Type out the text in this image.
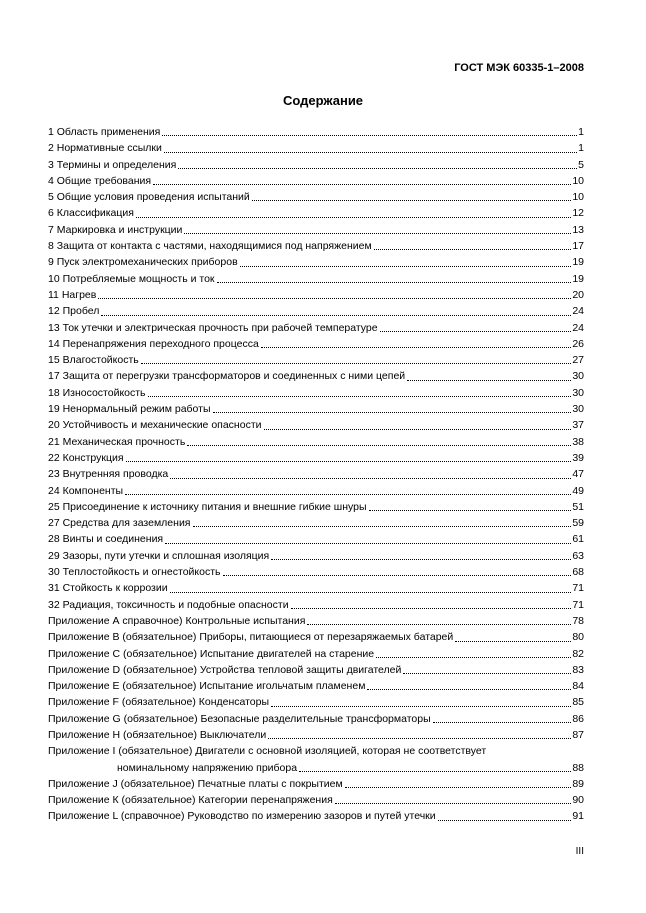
ГОСТ МЭК 60335-1–2008
Содержание
1 Область применения	1
2 Нормативные ссылки	1
3 Термины и определения	5
4 Общие требования	10
5 Общие условия проведения испытаний	10
6 Классификация	12
7 Маркировка и инструкции	13
8 Защита от контакта с частями, находящимися под напряжением	17
9 Пуск электромеханических приборов	19
10 Потребляемые мощность и ток	19
11 Нагрев	20
12 Пробел	24
13 Ток утечки и электрическая прочность при рабочей температуре	24
14 Перенапряжения переходного процесса	26
15 Влагостойкость	27
17 Защита от перегрузки трансформаторов и соединенных с ними цепей	30
18 Износостойкость	30
19 Ненормальный режим работы	30
20 Устойчивость и механические опасности	37
21 Механическая прочность	38
22 Конструкция	39
23 Внутренняя проводка	47
24 Компоненты	49
25 Присоединение к источнику питания и внешние гибкие шнуры	51
27 Средства для заземления	59
28 Винты и соединения	61
29 Зазоры, пути утечки и сплошная изоляция	63
30 Теплостойкость и огнестойкость	68
31 Стойкость к коррозии	71
32 Радиация, токсичность и подобные опасности	71
Приложение А справочное) Контрольные испытания	78
Приложение В (обязательное) Приборы, питающиеся от перезаряжаемых батарей	80
Приложение С (обязательное) Испытание двигателей на старение	82
Приложение D (обязательное) Устройства тепловой защиты двигателей	83
Приложение Е (обязательное) Испытание игольчатым пламенем	84
Приложение F (обязательное) Конденсаторы	85
Приложение G (обязательное) Безопасные разделительные трансформаторы	86
Приложение Н (обязательное) Выключатели	87
Приложение I (обязательное) Двигатели с основной изоляцией, которая не соответствует
номинальному напряжению прибора	88
Приложение J (обязательное) Печатные платы с покрытием	89
Приложение К (обязательное) Категории перенапряжения	90
Приложение L (справочное) Руководство по измерению зазоров и путей утечки	91
III
